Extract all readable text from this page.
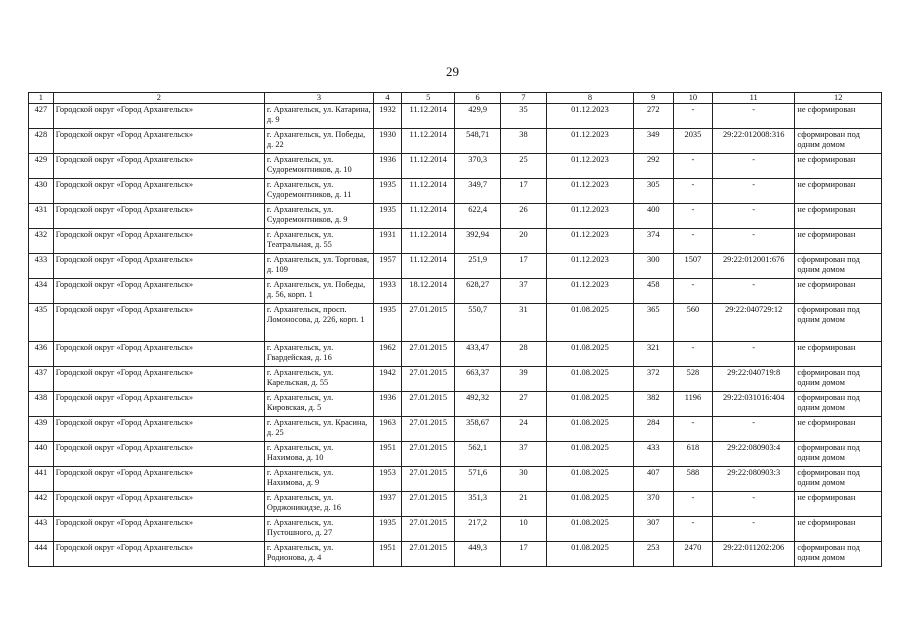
29
1	2	3	4	5	6	7	8	9	10	11	12
427	Городской округ «Город Архангельск»	г. Архангельск, ул. Катарина, д. 9	1932	11.12.2014	429,9	35	01.12.2023	272	-	-	не сформирован
428	Городской округ «Город Архангельск»	г. Архангельск, ул. Победы, д. 22	1930	11.12.2014	548,71	38	01.12.2023	349	2035	29:22:012008:316	сформирован под одним домом
429	Городской округ «Город Архангельск»	г. Архангельск, ул. Судоремонтников, д. 10	1936	11.12.2014	370,3	25	01.12.2023	292	-	-	не сформирован
430	Городской округ «Город Архангельск»	г. Архангельск, ул. Судоремонтников, д. 11	1935	11.12.2014	349,7	17	01.12.2023	305	-	-	не сформирован
431	Городской округ «Город Архангельск»	г. Архангельск, ул. Судоремонтников, д. 9	1935	11.12.2014	622,4	26	01.12.2023	400	-	-	не сформирован
432	Городской округ «Город Архангельск»	г. Архангельск, ул. Театральная, д. 55	1931	11.12.2014	392,94	20	01.12.2023	374	-	-	не сформирован
433	Городской округ «Город Архангельск»	г. Архангельск, ул. Торговая, д. 109	1957	11.12.2014	251,9	17	01.12.2023	300	1507	29:22:012001:676	сформирован под одним домом
434	Городской округ «Город Архангельск»	г. Архангельск, ул. Победы, д. 56, корп. 1	1933	18.12.2014	628,27	37	01.12.2023	458	-	-	не сформирован
435	Городской округ «Город Архангельск»	г. Архангельск, просп. Ломоносова, д. 226, корп. 1	1935	27.01.2015	550,7	31	01.08.2025	365	560	29:22:040729:12	сформирован под одним домом
436	Городской округ «Город Архангельск»	г. Архангельск, ул. Гвардейская, д. 16	1962	27.01.2015	433,47	28	01.08.2025	321	-	-	не сформирован
437	Городской округ «Город Архангельск»	г. Архангельск, ул. Карельская, д. 55	1942	27.01.2015	663,37	39	01.08.2025	372	528	29:22:040719:8	сформирован под одним домом
438	Городской округ «Город Архангельск»	г. Архангельск, ул. Кировская, д. 5	1936	27.01.2015	492,32	27	01.08.2025	382	1196	29:22:031016:404	сформирован под одним домом
439	Городской округ «Город Архангельск»	г. Архангельск, ул. Красина, д. 25	1963	27.01.2015	358,67	24	01.08.2025	284	-	-	не сформирован
440	Городской округ «Город Архангельск»	г. Архангельск, ул. Нахимова, д. 10	1951	27.01.2015	562,1	37	01.08.2025	433	618	29:22:080903:4	сформирован под одним домом
441	Городской округ «Город Архангельск»	г. Архангельск, ул. Нахимова, д. 9	1953	27.01.2015	571,6	30	01.08.2025	407	588	29:22:080903:3	сформирован под одним домом
442	Городской округ «Город Архангельск»	г. Архангельск, ул. Орджоникидзе, д. 16	1937	27.01.2015	351,3	21	01.08.2025	370	-	-	не сформирован
443	Городской округ «Город Архангельск»	г. Архангельск, ул. Пустошного, д. 27	1935	27.01.2015	217,2	10	01.08.2025	307	-	-	не сформирован
444	Городской округ «Город Архангельск»	г. Архангельск, ул. Родионова, д. 4	1951	27.01.2015	449,3	17	01.08.2025	253	2470	29:22:011202:206	сформирован под одним домом
